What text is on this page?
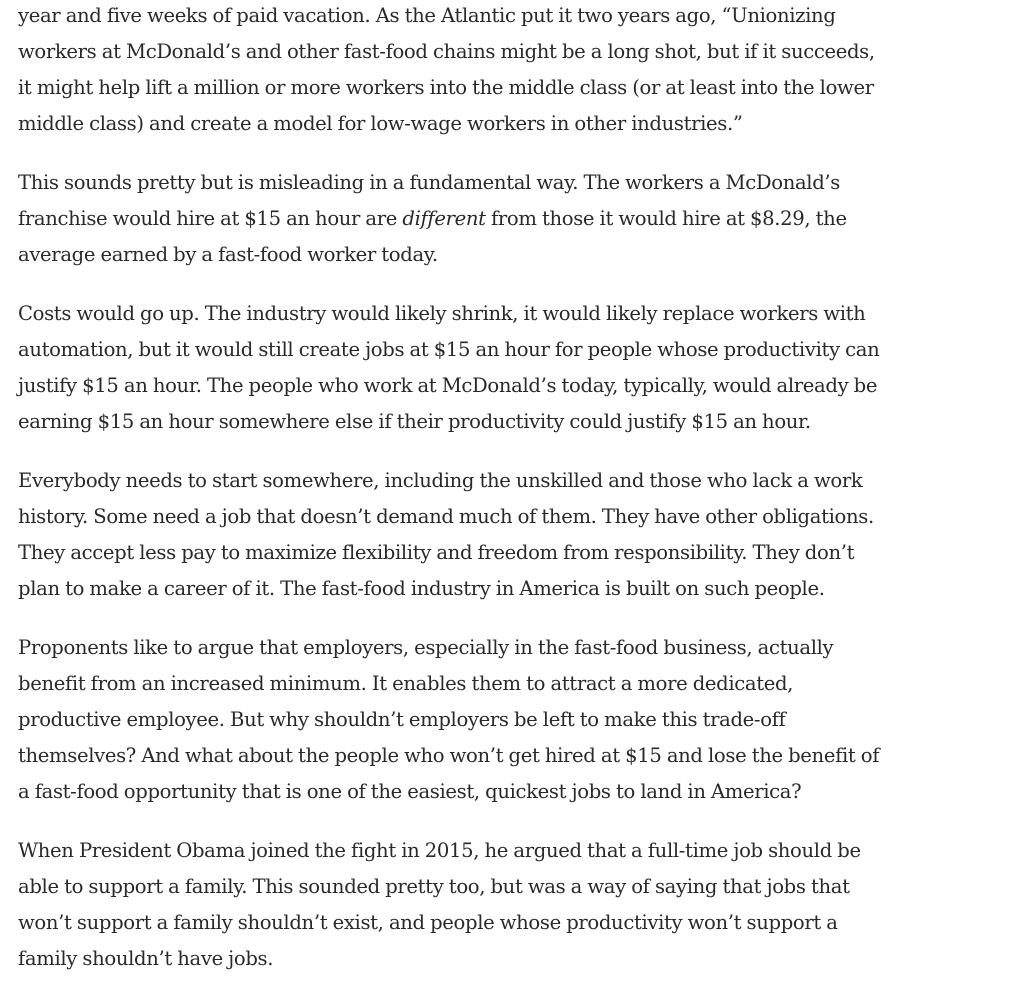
year and five weeks of paid vacation. As the Atlantic put it two years ago, “Unionizing
workers at McDonald’s and other fast-food chains might be a long shot, but if it succeeds,
it might help lift a million or more workers into the middle class (or at least into the lower
middle class) and create a model for low-wage workers in other industries.”

This sounds pretty but is misleading in a fundamental way. The workers a McDonald’s
franchise would hire at $15 an hour are different from those it would hire at $8.29, the
average earned by a fast-food worker today.

Costs would go up. The industry would likely shrink, it would likely replace workers with
automation, but it would still create jobs at $15 an hour for people whose productivity can
justify $15 an hour. The people who work at McDonald’s today, typically, would already be
earning $15 an hour somewhere else if their productivity could justify $15 an hour.

Everybody needs to start somewhere, including the unskilled and those who lack a work
history. Some need a job that doesn’t demand much of them. They have other obligations.
They accept less pay to maximize flexibility and freedom from responsibility. They don’t
plan to make a career of it. The fast-food industry in America is built on such people.

Proponents like to argue that employers, especially in the fast-food business, actually
benefit from an increased minimum. It enables them to attract a more dedicated,
productive employee. But why shouldn’t employers be left to make this trade-off
themselves? And what about the people who won’t get hired at $15 and lose the benefit of
a fast-food opportunity that is one of the easiest, quickest jobs to land in America?

When President Obama joined the fight in 2015, he argued that a full-time job should be
able to support a family. This sounded pretty too, but was a way of saying that jobs that
won’t support a family shouldn’t exist, and people whose productivity won’t support a
family shouldn’t have jobs.
